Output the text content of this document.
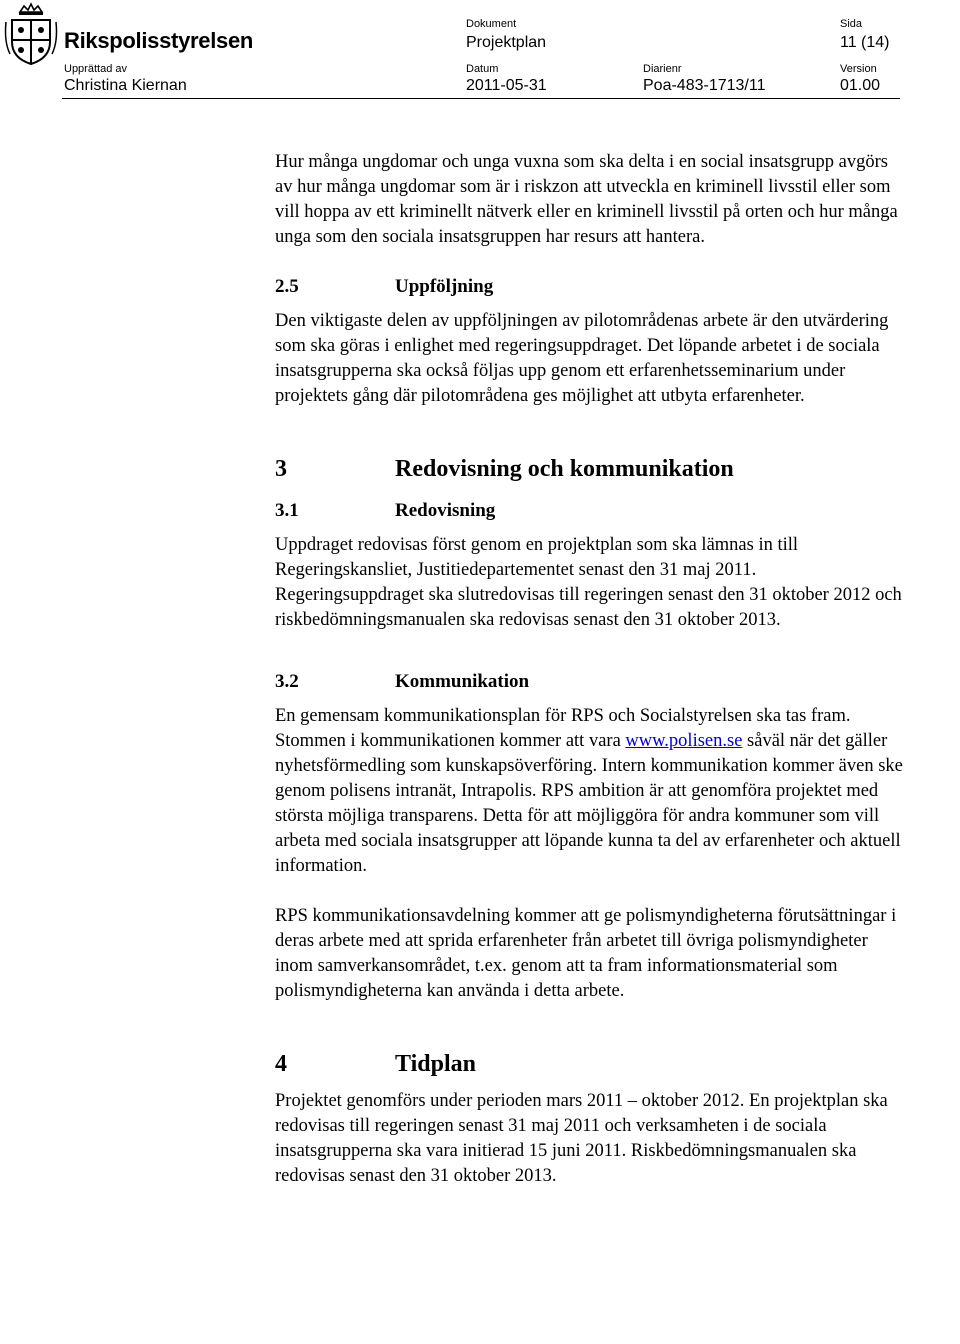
Rikspolisstyrelsen
Dokument
Projektplan
Sida
11 (14)
Upprättad av
Christina Kiernan
Datum
2011-05-31
Diarienr
Poa-483-1713/11
Version
01.00

Hur många ungdomar och unga vuxna som ska delta i en social insatsgrupp avgörs av hur många ungdomar som är i riskzon att utveckla en kriminell livsstil eller som vill hoppa av ett kriminellt nätverk eller en kriminell livsstil på orten och hur många unga som den sociala insatsgruppen har resurs att hantera.

2.5	Uppföljning

Den viktigaste delen av uppföljningen av pilotområdenas arbete är den utvärdering som ska göras i enlighet med regeringsuppdraget. Det löpande arbetet i de sociala insatsgrupperna ska också följas upp genom ett erfarenhetsseminarium under projektets gång där pilotområdena ges möjlighet att utbyta erfarenheter.

3	Redovisning och kommunikation
3.1	Redovisning

Uppdraget redovisas först genom en projektplan som ska lämnas in till Regeringskansliet, Justitiedepartementet senast den 31 maj 2011. Regeringsuppdraget ska slutredovisas till regeringen senast den 31 oktober 2012 och riskbedömningsmanualen ska redovisas senast den 31 oktober 2013.

3.2	Kommunikation

En gemensam kommunikationsplan för RPS och Socialstyrelsen ska tas fram. Stommen i kommunikationen kommer att vara www.polisen.se såväl när det gäller nyhetsförmedling som kunskapsöverföring. Intern kommunikation kommer även ske genom polisens intranät, Intrapolis. RPS ambition är att genomföra projektet med största möjliga transparens. Detta för att möjliggöra för andra kommuner som vill arbeta med sociala insatsgrupper att löpande kunna ta del av erfarenheter och aktuell information.

RPS kommunikationsavdelning kommer att ge polismyndigheterna förutsättningar i deras arbete med att sprida erfarenheter från arbetet till övriga polismyndigheter inom samverkansområdet, t.ex. genom att ta fram informationsmaterial som polismyndigheterna kan använda i detta arbete.

4	Tidplan

Projektet genomförs under perioden mars 2011 – oktober 2012. En projektplan ska redovisas till regeringen senast 31 maj 2011 och verksamheten i de sociala insatsgrupperna ska vara initierad 15 juni 2011. Riskbedömningsmanualen ska redovisas senast den 31 oktober 2013.
